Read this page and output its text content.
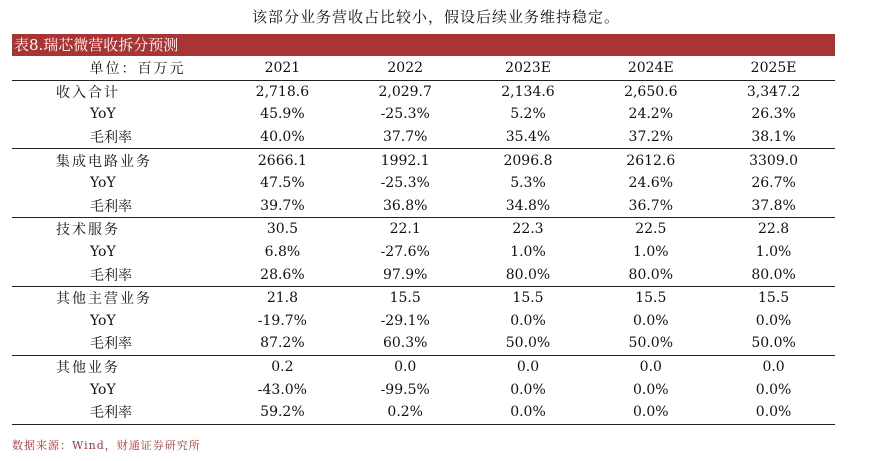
该部分业务营收占比较小，假设后续业务维持稳定。
表8.瑞芯微营收拆分预测
单位：百万元	2021	2022	2023E	2024E	2025E
收入合计	2,718.6	2,029.7	2,134.6	2,650.6	3,347.2
YoY	45.9%	-25.3%	5.2%	24.2%	26.3%
毛利率	40.0%	37.7%	35.4%	37.2%	38.1%
集成电路业务	2666.1	1992.1	2096.8	2612.6	3309.0
YoY	47.5%	-25.3%	5.3%	24.6%	26.7%
毛利率	39.7%	36.8%	34.8%	36.7%	37.8%
技术服务	30.5	22.1	22.3	22.5	22.8
YoY	6.8%	-27.6%	1.0%	1.0%	1.0%
毛利率	28.6%	97.9%	80.0%	80.0%	80.0%
其他主营业务	21.8	15.5	15.5	15.5	15.5
YoY	-19.7%	-29.1%	0.0%	0.0%	0.0%
毛利率	87.2%	60.3%	50.0%	50.0%	50.0%
其他业务	0.2	0.0	0.0	0.0	0.0
YoY	-43.0%	-99.5%	0.0%	0.0%	0.0%
毛利率	59.2%	0.2%	0.0%	0.0%	0.0%
数据来源：Wind，财通证券研究所
